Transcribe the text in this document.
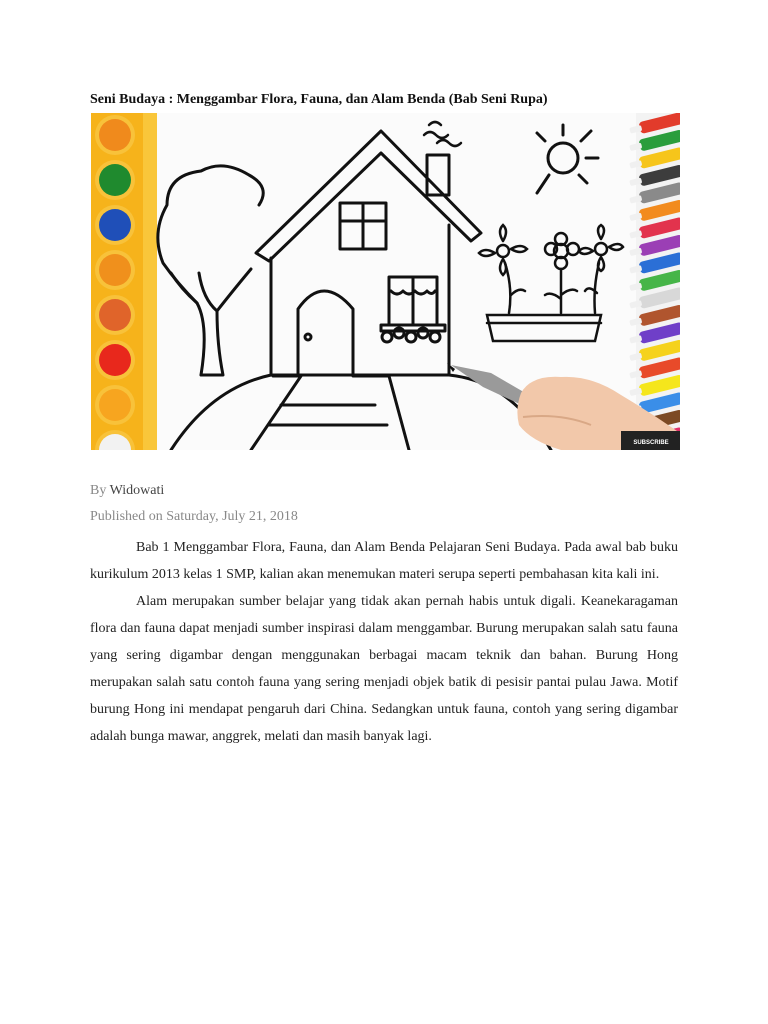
Seni Budaya : Menggambar Flora, Fauna, dan Alam Benda (Bab Seni Rupa)
SUBSCRIBE
By Widowati
Published on Saturday, July 21, 2018

Bab 1 Menggambar Flora, Fauna, dan Alam Benda Pelajaran Seni Budaya. Pada awal bab buku kurikulum 2013 kelas 1 SMP, kalian akan menemukan materi serupa seperti pembahasan kita kali ini.

Alam merupakan sumber belajar yang tidak akan pernah habis untuk digali. Keanekaragaman flora dan fauna dapat menjadi sumber inspirasi dalam menggambar. Burung merupakan salah satu fauna yang sering digambar dengan menggunakan berbagai macam teknik dan bahan. Burung Hong merupakan salah satu contoh fauna yang sering menjadi objek batik di pesisir pantai pulau Jawa. Motif burung Hong ini mendapat pengaruh dari China. Sedangkan untuk fauna, contoh yang sering digambar adalah bunga mawar, anggrek, melati dan masih banyak lagi.
